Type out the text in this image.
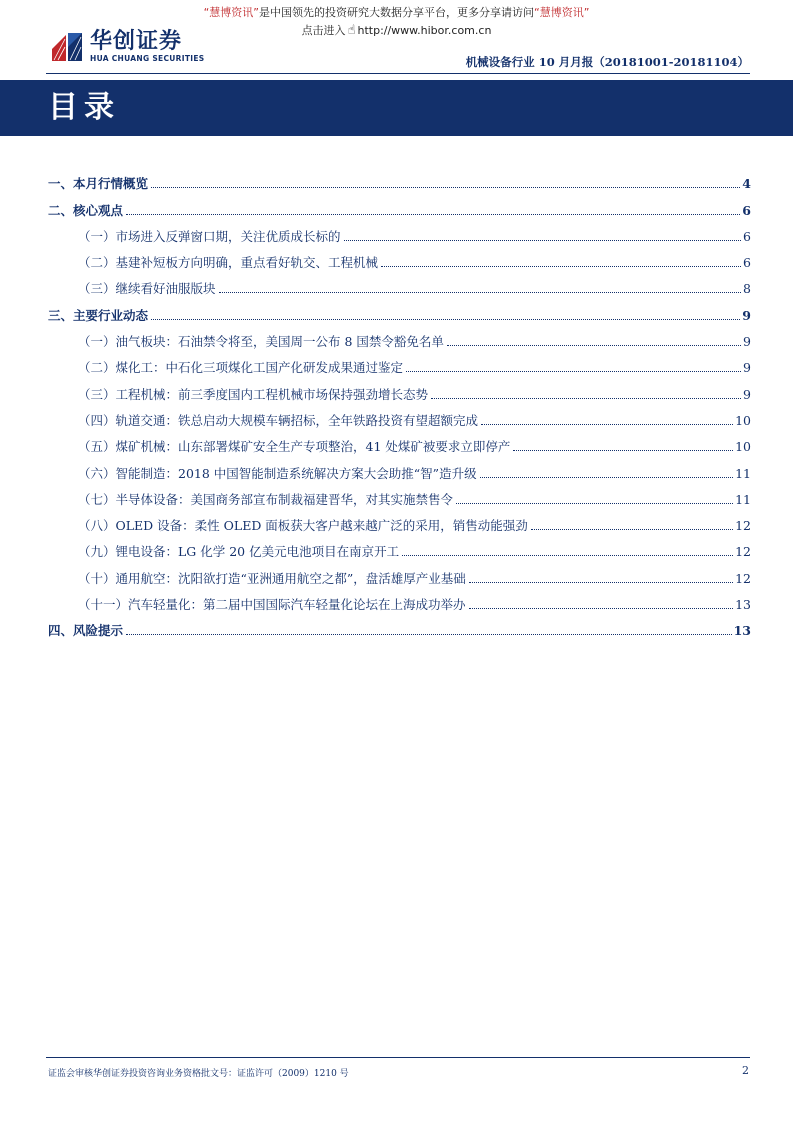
“慧博资讯”是中国领先的投资研究大数据分享平台，更多分享请访问“慧博资讯”
点击进入 ☝ http://www.hibor.com.cn
华创证券
HUA CHUANG SECURITIES	机械设备行业 10 月月报（20181001-20181104）
目录
一、本月行情概览	4
二、核心观点	6
（一）市场进入反弹窗口期，关注优质成长标的	6
（二）基建补短板方向明确，重点看好轨交、工程机械	6
（三）继续看好油服版块	8
三、主要行业动态	9
（一）油气板块：石油禁令将至，美国周一公布 8 国禁令豁免名单	9
（二）煤化工：中石化三项煤化工国产化研发成果通过鉴定	9
（三）工程机械：前三季度国内工程机械市场保持强劲增长态势	9
（四）轨道交通：铁总启动大规模车辆招标，全年铁路投资有望超额完成	10
（五）煤矿机械：山东部署煤矿安全生产专项整治，41 处煤矿被要求立即停产	10
（六）智能制造：2018 中国智能制造系统解决方案大会助推“智”造升级	11
（七）半导体设备：美国商务部宣布制裁福建晋华，对其实施禁售令	11
（八）OLED 设备：柔性 OLED 面板获大客户越来越广泛的采用，销售动能强劲	12
（九）锂电设备：LG 化学 20 亿美元电池项目在南京开工	12
（十）通用航空：沈阳欲打造“亚洲通用航空之都”，盘活雄厚产业基础	12
（十一）汽车轻量化：第二届中国国际汽车轻量化论坛在上海成功举办	13
四、风险提示	13
证监会审核华创证券投资咨询业务资格批文号：证监许可（2009）1210 号	2
